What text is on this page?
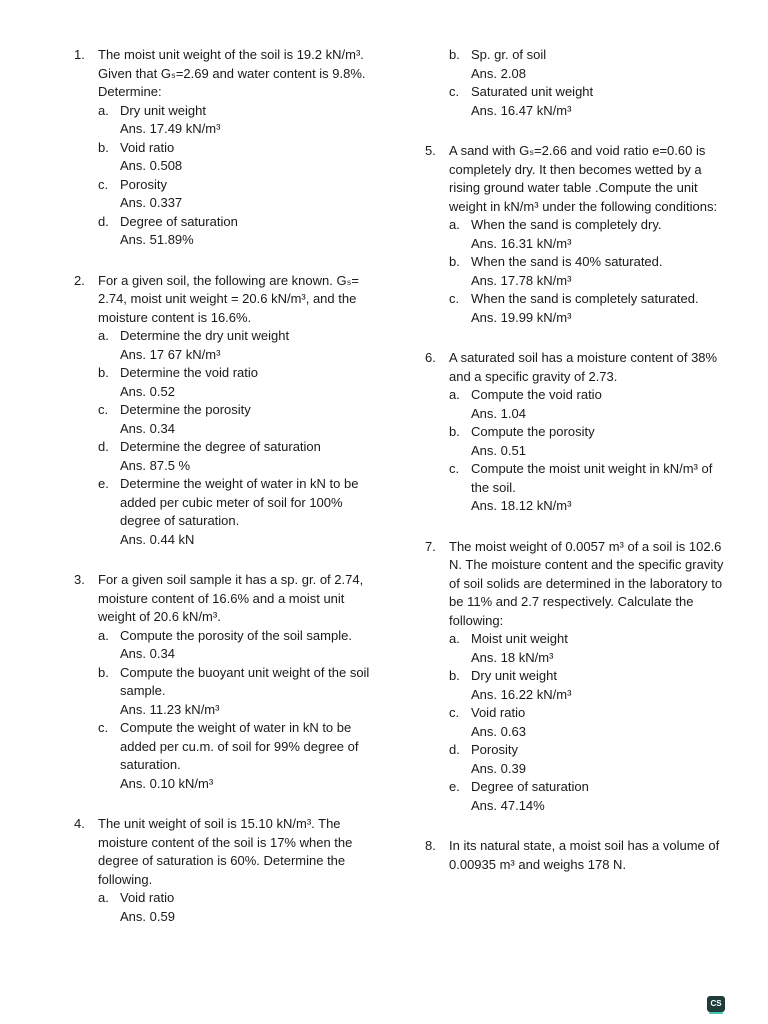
1. The moist unit weight of the soil is 19.2 kN/m³. Given that Gₛ=2.69 and water content is 9.8%. Determine:
a. Dry unit weight
Ans. 17.49 kN/m³
b. Void ratio
Ans. 0.508
c. Porosity
Ans. 0.337
d. Degree of saturation
Ans. 51.89%
2. For a given soil, the following are known. Gₛ= 2.74, moist unit weight = 20.6 kN/m³, and the moisture content is 16.6%.
a. Determine the dry unit weight
Ans. 17 67 kN/m³
b. Determine the void ratio
Ans. 0.52
c. Determine the porosity
Ans. 0.34
d. Determine the degree of saturation
Ans. 87.5 %
e. Determine the weight of water in kN to be added per cubic meter of soil for 100% degree of saturation.
Ans. 0.44 kN
3. For a given soil sample it has a sp. gr. of 2.74, moisture content of 16.6% and a moist unit weight of 20.6 kN/m³.
a. Compute the porosity of the soil sample.
Ans. 0.34
b. Compute the buoyant unit weight of the soil sample.
Ans. 11.23 kN/m³
c. Compute the weight of water in kN to be added per cu.m. of soil for 99% degree of saturation.
Ans. 0.10 kN/m³
4. The unit weight of soil is 15.10 kN/m³. The moisture content of the soil is 17% when the degree of saturation is 60%. Determine the following.
a. Void ratio
Ans. 0.59
b. Sp. gr. of soil
Ans. 2.08
c. Saturated unit weight
Ans. 16.47 kN/m³
5. A sand with Gₛ=2.66 and void ratio e=0.60 is completely dry. It then becomes wetted by a rising ground water table .Compute the unit weight in kN/m³ under the following conditions:
a. When the sand is completely dry.
Ans. 16.31 kN/m³
b. When the sand is 40% saturated.
Ans. 17.78 kN/m³
c. When the sand is completely saturated.
Ans. 19.99 kN/m³
6. A saturated soil has a moisture content of 38% and a specific gravity of 2.73.
a. Compute the void ratio
Ans. 1.04
b. Compute the porosity
Ans. 0.51
c. Compute the moist unit weight in kN/m³ of the soil.
Ans. 18.12 kN/m³
7. The moist weight of 0.0057 m³ of a soil is 102.6 N. The moisture content and the specific gravity of soil solids are determined in the laboratory to be 11% and 2.7 respectively. Calculate the following:
a. Moist unit weight
Ans. 18 kN/m³
b. Dry unit weight
Ans. 16.22 kN/m³
c. Void ratio
Ans. 0.63
d. Porosity
Ans. 0.39
e. Degree of saturation
Ans. 47.14%
8. In its natural state, a moist soil has a volume of 0.00935 m³ and weighs 178 N.
CS
